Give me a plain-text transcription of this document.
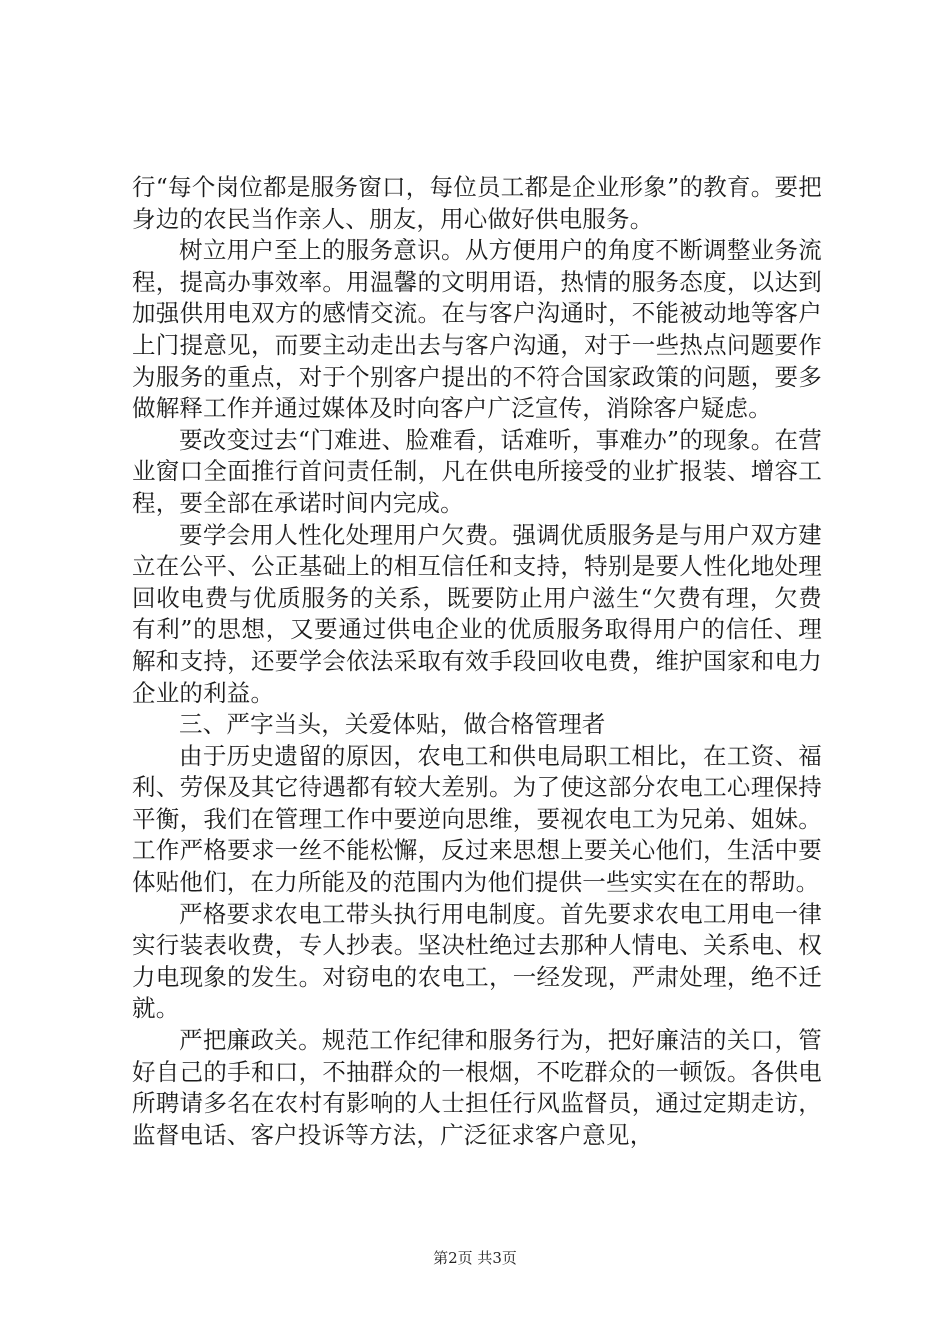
行“每个岗位都是服务窗口，每位员工都是企业形象”的教育。要把身边的农民当作亲人、朋友，用心做好供电服务。

树立用户至上的服务意识。从方便用户的角度不断调整业务流程，提高办事效率。用温馨的文明用语，热情的服务态度，以达到加强供用电双方的感情交流。在与客户沟通时，不能被动地等客户上门提意见，而要主动走出去与客户沟通，对于一些热点问题要作为服务的重点，对于个别客户提出的不符合国家政策的问题，要多做解释工作并通过媒体及时向客户广泛宣传，消除客户疑虑。

要改变过去“门难进、脸难看，话难听，事难办”的现象。在营业窗口全面推行首问责任制，凡在供电所接受的业扩报装、增容工程，要全部在承诺时间内完成。

要学会用人性化处理用户欠费。强调优质服务是与用户双方建立在公平、公正基础上的相互信任和支持，特别是要人性化地处理回收电费与优质服务的关系，既要防止用户滋生“欠费有理，欠费有利”的思想，又要通过供电企业的优质服务取得用户的信任、理解和支持，还要学会依法采取有效手段回收电费，维护国家和电力企业的利益。

三、严字当头，关爱体贴，做合格管理者

由于历史遗留的原因，农电工和供电局职工相比，在工资、福利、劳保及其它待遇都有较大差别。为了使这部分农电工心理保持平衡，我们在管理工作中要逆向思维，要视农电工为兄弟、姐妹。工作严格要求一丝不能松懈，反过来思想上要关心他们，生活中要体贴他们，在力所能及的范围内为他们提供一些实实在在的帮助。

严格要求农电工带头执行用电制度。首先要求农电工用电一律实行装表收费，专人抄表。坚决杜绝过去那种人情电、关系电、权力电现象的发生。对窃电的农电工，一经发现，严肃处理，绝不迁就。

严把廉政关。规范工作纪律和服务行为，把好廉洁的关口，管好自己的手和口，不抽群众的一根烟，不吃群众的一顿饭。各供电所聘请多名在农村有影响的人士担任行风监督员，通过定期走访，监督电话、客户投诉等方法，广泛征求客户意见，

第2页 共3页
